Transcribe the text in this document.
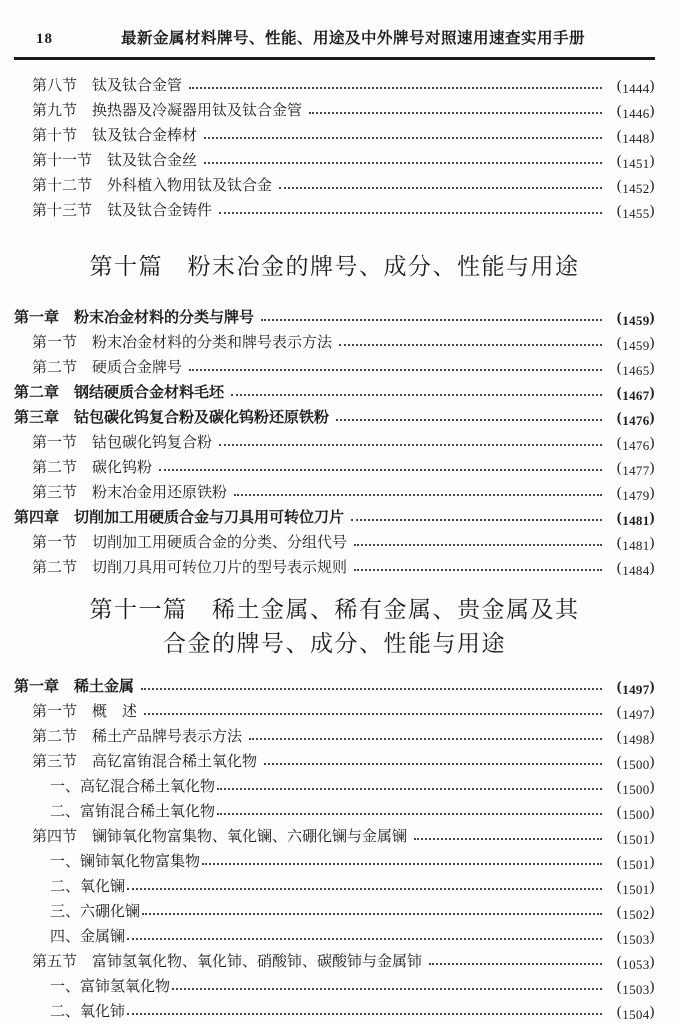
18	最新金属材料牌号、性能、用途及中外牌号对照速用速查实用手册
第八节　钛及钛合金管	(1444)
第九节　换热器及冷凝器用钛及钛合金管	(1446)
第十节　钛及钛合金棒材	(1448)
第十一节　钛及钛合金丝	(1451)
第十二节　外科植入物用钛及钛合金	(1452)
第十三节　钛及钛合金铸件	(1455)
第十篇　粉末冶金的牌号、成分、性能与用途
第一章　粉末冶金材料的分类与牌号	(1459)
第一节　粉末冶金材料的分类和牌号表示方法	(1459)
第二节　硬质合金牌号	(1465)
第二章　钢结硬质合金材料毛坯	(1467)
第三章　钴包碳化钨复合粉及碳化钨粉还原铁粉	(1476)
第一节　钴包碳化钨复合粉	(1476)
第二节　碳化钨粉	(1477)
第三节　粉末冶金用还原铁粉	(1479)
第四章　切削加工用硬质合金与刀具用可转位刀片	(1481)
第一节　切削加工用硬质合金的分类、分组代号	(1481)
第二节　切削刀具用可转位刀片的型号表示规则	(1484)
第十一篇　稀土金属、稀有金属、贵金属及其
合金的牌号、成分、性能与用途
第一章　稀土金属	(1497)
第一节　概　述	(1497)
第二节　稀土产品牌号表示方法	(1498)
第三节　高钇富铕混合稀土氧化物	(1500)
一、高钇混合稀土氧化物	(1500)
二、富铕混合稀土氧化物	(1500)
第四节　镧铈氧化物富集物、氧化镧、六硼化镧与金属镧	(1501)
一、镧铈氧化物富集物	(1501)
二、氧化镧	(1501)
三、六硼化镧	(1502)
四、金属镧	(1503)
第五节　富铈氢氧化物、氧化铈、硝酸铈、碳酸铈与金属铈	(1053)
一、富铈氢氧化物	(1503)
二、氧化铈	(1504)
